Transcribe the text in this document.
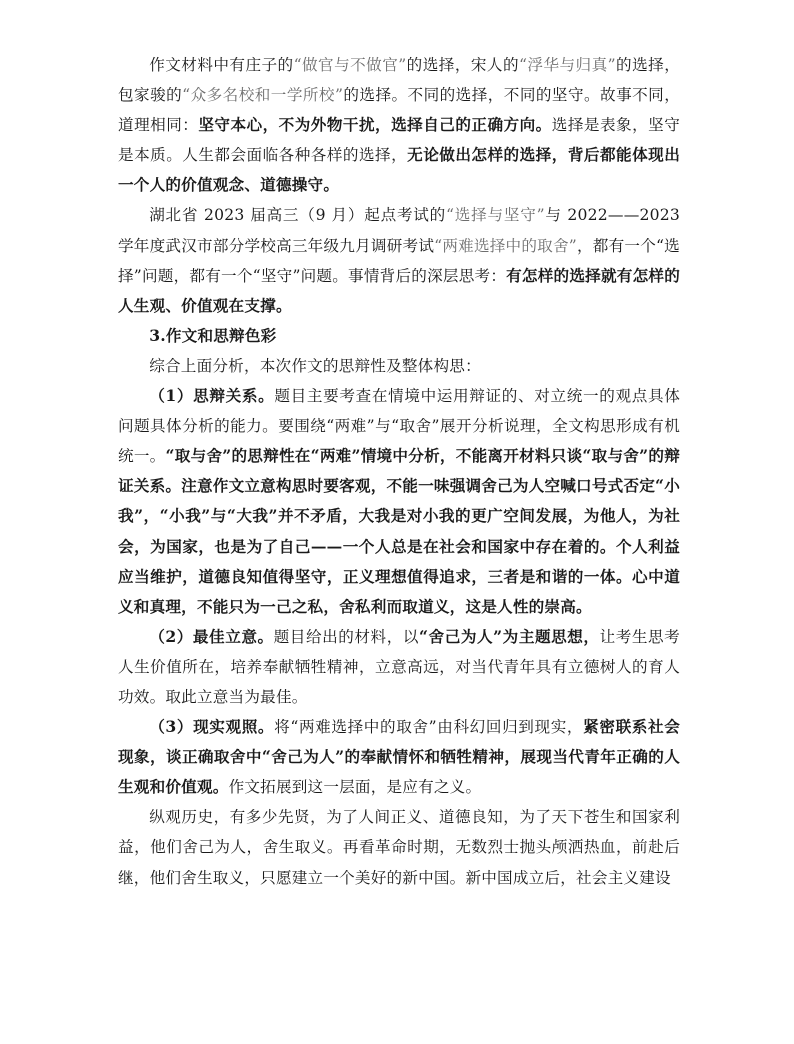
作文材料中有庄子的“做官与不做官”的选择，宋人的“浮华与归真”的选择，包家骏的“众多名校和一学所校”的选择。不同的选择，不同的坚守。故事不同，道理相同：坚守本心，不为外物干扰，选择自己的正确方向。选择是表象，坚守是本质。人生都会面临各种各样的选择，无论做出怎样的选择，背后都能体现出一个人的价值观念、道德操守。

湖北省 2023 届高三（9 月）起点考试的“选择与坚守”与 2022——2023 学年度武汉市部分学校高三年级九月调研考试“两难选择中的取舍”，都有一个“选择”问题，都有一个“坚守”问题。事情背后的深层思考：有怎样的选择就有怎样的人生观、价值观在支撑。

3.作文和思辩色彩

综合上面分析，本次作文的思辩性及整体构思：

（1）思辩关系。题目主要考查在情境中运用辩证的、对立统一的观点具体问题具体分析的能力。要围绕“两难”与“取舍”展开分析说理，全文构思形成有机统一。“取与舍”的思辩性在“两难”情境中分析，不能离开材料只谈“取与舍”的辩证关系。注意作文立意构思时要客观，不能一味强调舍己为人空喊口号式否定“小我”，“小我”与“大我”并不矛盾，大我是对小我的更广空间发展，为他人，为社会，为国家，也是为了自己——一个人总是在社会和国家中存在着的。个人利益应当维护，道德良知值得坚守，正义理想值得追求，三者是和谐的一体。心中道义和真理，不能只为一己之私，舍私利而取道义，这是人性的崇高。

（2）最佳立意。题目给出的材料，以“舍己为人”为主题思想，让考生思考人生价值所在，培养奉献牺牲精神，立意高远，对当代青年具有立德树人的育人功效。取此立意当为最佳。

（3）现实观照。将“两难选择中的取舍”由科幻回归到现实，紧密联系社会现象，谈正确取舍中“舍己为人”的奉献情怀和牺牲精神，展现当代青年正确的人生观和价值观。作文拓展到这一层面，是应有之义。

纵观历史，有多少先贤，为了人间正义、道德良知，为了天下苍生和国家利益，他们舍己为人，舍生取义。再看革命时期，无数烈士抛头颅洒热血，前赴后继，他们舍生取义，只愿建立一个美好的新中国。新中国成立后，社会主义建设
